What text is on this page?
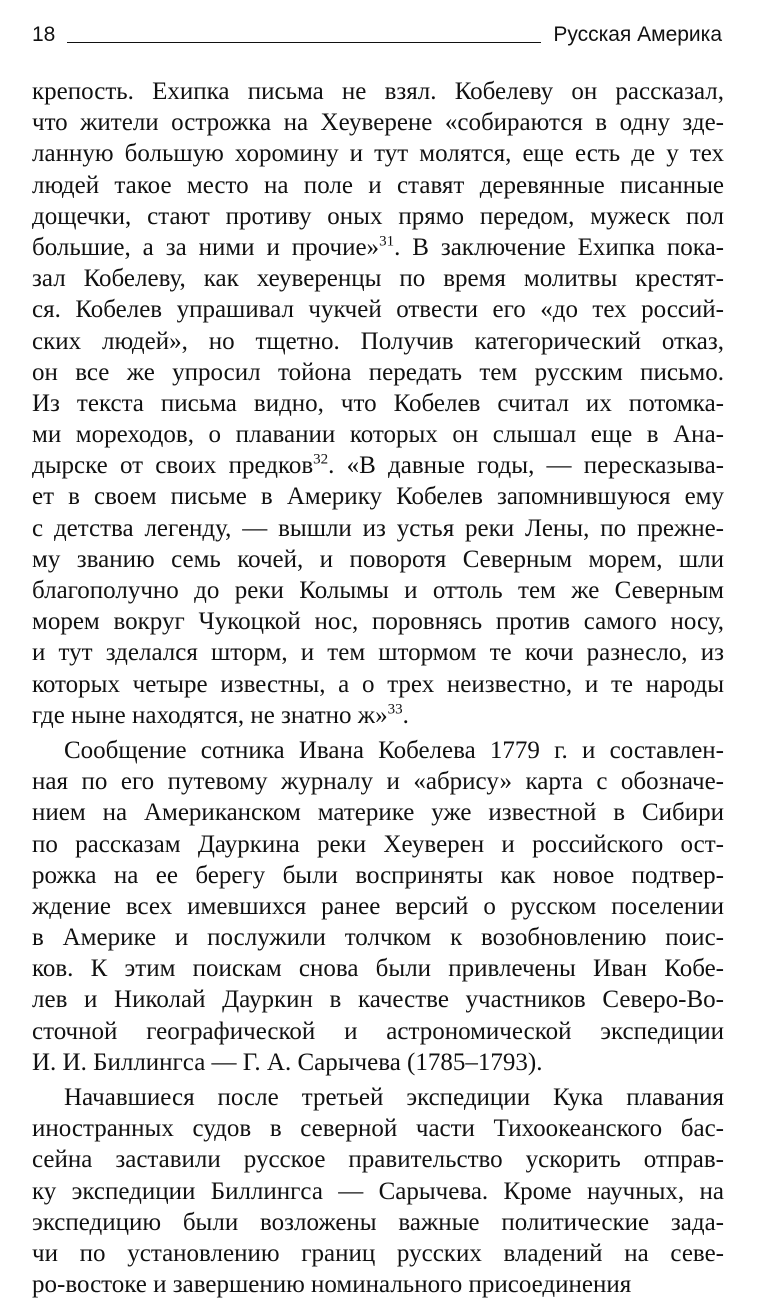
18	Русская Америка
крепость. Ехипка письма не взял. Кобелеву он рассказал,
что жители острожка на Хеуверене «собираются в одну зде-
ланную большую хоромину и тут молятся, еще есть де у тех
людей такое место на поле и ставят деревянные писанные
дощечки, стают противу оных прямо передом, мужеск пол
большие, а за ними и прочие»$^{31}$. В заключение Ехипка пока-
зал Кобелеву, как хеуверенцы по время молитвы крестят-
ся. Кобелев упрашивал чукчей отвести его «до тех россий-
ских людей», но тщетно. Получив категорический отказ,
он все же упросил тойона передать тем русским письмо.
Из текста письма видно, что Кобелев считал их потомка-
ми мореходов, о плавании которых он слышал еще в Ана-
дырске от своих предков$^{32}$. «В давные годы, — пересказыва-
ет в своем письме в Америку Кобелев запомнившуюся ему
с детства легенду, — вышли из устья реки Лены, по прежне-
му званию семь кочей, и поворотя Северным морем, шли
благополучно до реки Колымы и оттоль тем же Северным
морем вокруг Чукоцкой нос, поровнясь против самого носу,
и тут зделался шторм, и тем штормом те кочи разнесло, из
которых четыре известны, а о трех неизвестно, и те народы
где ныне находятся, не знатно ж»$^{33}$.
Сообщение сотника Ивана Кобелева 1779 г. и составлен-
ная по его путевому журналу и «абрису» карта с обозначе-
нием на Американском материке уже известной в Сибири
по рассказам Дауркина реки Хеуверен и российского ост-
рожка на ее берегу были восприняты как новое подтвер-
ждение всех имевшихся ранее версий о русском поселении
в Америке и послужили толчком к возобновлению поис-
ков. К этим поискам снова были привлечены Иван Кобе-
лев и Николай Дауркин в качестве участников Северо-Во-
сточной географической и астрономической экспедиции
И. И. Биллингса — Г. А. Сарычева (1785–1793).
Начавшиеся после третьей экспедиции Кука плавания
иностранных судов в северной части Тихоокеанского бас-
сейна заставили русское правительство ускорить отправ-
ку экспедиции Биллингса — Сарычева. Кроме научных, на
экспедицию были возложены важные политические зада-
чи по установлению границ русских владений на севе-
ро-востоке и завершению номинального присоединения
